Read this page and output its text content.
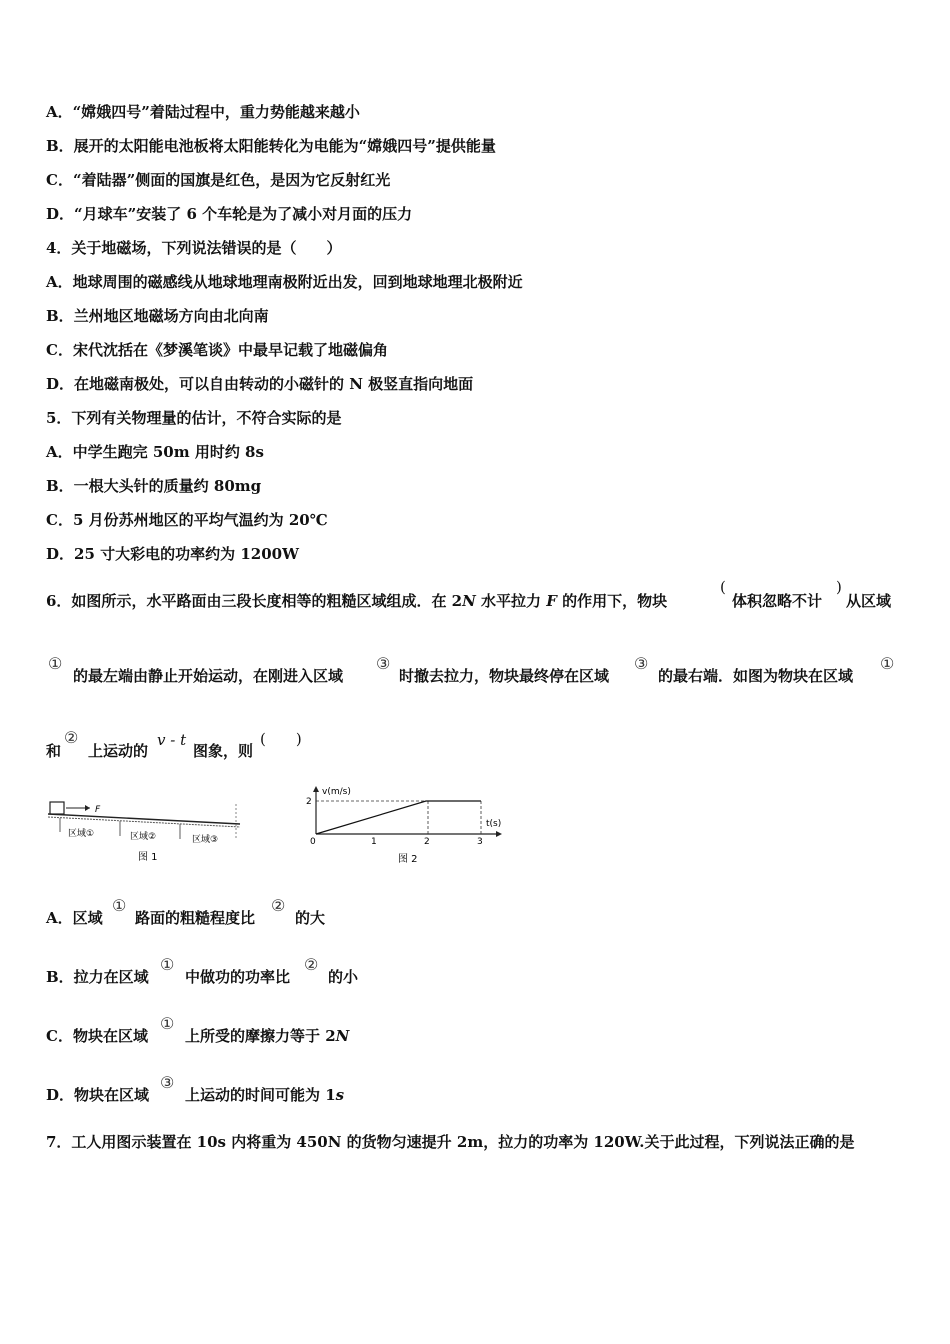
A．“嫦娥四号”着陆过程中，重力势能越来越小
B．展开的太阳能电池板将太阳能转化为电能为“嫦娥四号”提供能量
C．“着陆器”侧面的国旗是红色，是因为它反射红光
D．“月球车”安装了 6 个车轮是为了减小对月面的压力
4．关于地磁场，下列说法错误的是（　　）
A．地球周围的磁感线从地球地理南极附近出发，回到地球地理北极附近
B．兰州地区地磁场方向由北向南
C．宋代沈括在《梦溪笔谈》中最早记载了地磁偏角
D．在地磁南极处，可以自由转动的小磁针的 N 极竖直指向地面
5．下列有关物理量的估计，不符合实际的是
A．中学生跑完 50m 用时约 8s
B．一根大头针的质量约 80mg
C．5 月份苏州地区的平均气温约为 20℃
D．25 寸大彩电的功率约为 1200W
6．如图所示，水平路面由三段长度相等的粗糙区域组成．在 2N 水平拉力 F 的作用下，物块
(
体积忽略不计
)
从区域
①
的最左端由静止开始运动，在刚进入区域
③
时撤去拉力，物块最终停在区域
③
的最右端．如图为物块在区域
①
和
②
上运动的
v - t
图象，则
(　　)
F
区域①	区域②	区域③
图 1
v(m/s)
t(s)
2
0	1	2	3
图 2
A．区域
①
路面的粗糙程度比
②
的大
B．拉力在区域
①
中做功的功率比
②
的小
C．物块在区域
①
上所受的摩擦力等于 2N
D．物块在区域
③
上运动的时间可能为 1s
7．工人用图示装置在 10s 内将重为 450N 的货物匀速提升 2m，拉力的功率为 120W.关于此过程，下列说法正确的是
